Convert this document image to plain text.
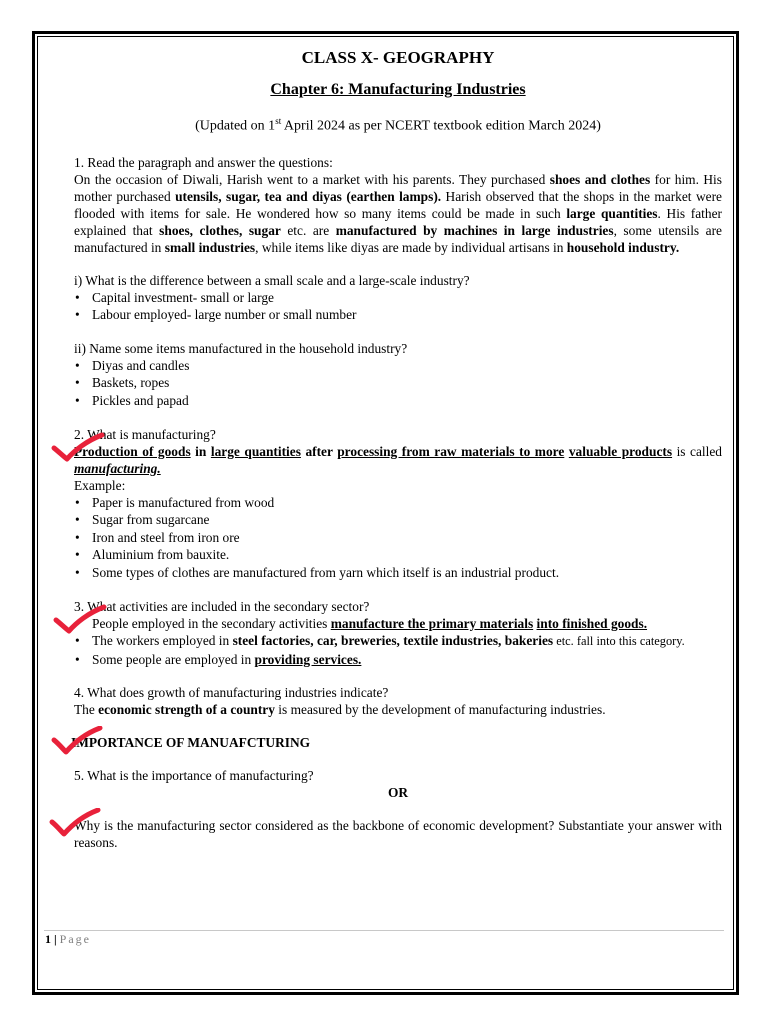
CLASS X- GEOGRAPHY
Chapter 6: Manufacturing Industries
(Updated on 1st April 2024 as per NCERT textbook edition March 2024)

1. Read the paragraph and answer the questions:

On the occasion of Diwali, Harish went to a market with his parents. They purchased shoes and clothes for him. His mother purchased utensils, sugar, tea and diyas (earthen lamps). Harish observed that the shops in the market were flooded with items for sale. He wondered how so many items could be made in such large quantities. His father explained that shoes, clothes, sugar etc. are manufactured by machines in large industries, some utensils are manufactured in small industries, while items like diyas are made by individual artisans in household industry.

i) What is the difference between a small scale and a large-scale industry?

• Capital investment- small or large
• Labour employed- large number or small number

ii) Name some items manufactured in the household industry?

• Diyas and candles
• Baskets, ropes
• Pickles and papad

2. What is manufacturing?

Production of goods in large quantities after processing from raw materials to more valuable products is called manufacturing.

Example:

• Paper is manufactured from wood
• Sugar from sugarcane
• Iron and steel from iron ore
• Aluminium from bauxite.
• Some types of clothes are manufactured from yarn which itself is an industrial product.

3. What activities are included in the secondary sector?

• People employed in the secondary activities manufacture the primary materials into finished goods.
• The workers employed in steel factories, car, breweries, textile industries, bakeries etc. fall into this category.
• Some people are employed in providing services.

4. What does growth of manufacturing industries indicate?

The economic strength of a country is measured by the development of manufacturing industries.

IMPORTANCE OF MANUAFCTURING

5. What is the importance of manufacturing?

OR

Why is the manufacturing sector considered as the backbone of economic development? Substantiate your answer with reasons.

1 | Page
